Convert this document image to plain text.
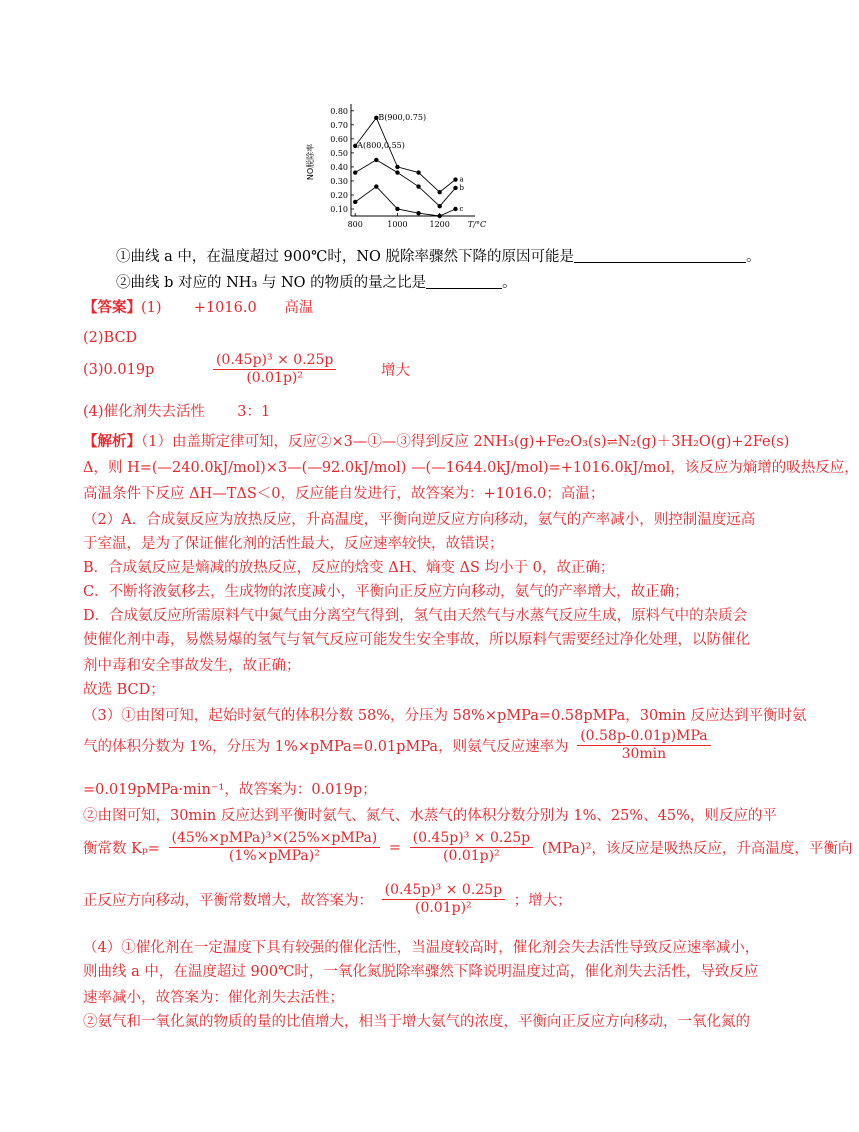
0.80
0.70
0.60
0.50
0.40
0.30
0.20
0.10
800	1000	1200 T/°C
NO脱除率	a
b
c
B(900,0.75)
A(800,0.55)
①曲线 a 中，在温度超过 900℃时，NO 脱除率骤然下降的原因可能是	。
②曲线 b 对应的 NH₃ 与 NO 的物质的量之比是	。
【答案】(1)       +1016.0      高温
(2)BCD
(3)0.019p	$\frac{\text{(0.45p)³ × 0.25p}}{\text{(0.01p)²}}$	增大
(4)催化剂失去活性       3：1
【解析】（1）由盖斯定律可知，反应②×3—①—③得到反应 2NH₃(g)+Fe₂O₃(s)⇌N₂(g)＋3H₂O(g)+2Fe(s)
Δ，则 H=(—240.0kJ/mol)×3—(—92.0kJ/mol) —(—1644.0kJ/mol)=+1016.0kJ/mol，该反应为熵增的吸热反应，
高温条件下反应 ΔH—TΔS＜0，反应能自发进行，故答案为：+1016.0；高温；
（2）A．合成氨反应为放热反应，升高温度，平衡向逆反应方向移动，氨气的产率减小，则控制温度远高
于室温，是为了保证催化剂的活性最大，反应速率较快，故错误；
B．合成氨反应是熵减的放热反应，反应的焓变 ΔH、熵变 ΔS 均小于 0，故正确；
C．不断将液氨移去，生成物的浓度减小，平衡向正反应方向移动，氨气的产率增大，故正确；
D．合成氨反应所需原料气中氮气由分离空气得到，氢气由天然气与水蒸气反应生成，原料气中的杂质会
使催化剂中毒，易燃易爆的氢气与氧气反应可能发生安全事故，所以原料气需要经过净化处理，以防催化
剂中毒和安全事故发生，故正确；
故选 BCD；
（3）①由图可知，起始时氨气的体积分数 58%，分压为 58%×pMPa=0.58pMPa，30min 反应达到平衡时氨
气的体积分数为 1%，分压为 1%×pMPa=0.01pMPa，则氨气反应速率为 $\frac{\text{(0.58p-0.01p)MPa}}{30\min}$
=0.019pMPa·min⁻¹，故答案为：0.019p；
②由图可知，30min 反应达到平衡时氨气、氮气、水蒸气的体积分数分别为 1%、25%、45%，则反应的平
衡常数 $K_p= \frac{\text{(45\%×pMPa)³×(25\%×pMPa)}}{\text{(1\%×pMPa)²}} = \frac{\text{(0.45p)³ × 0.25p}}{\text{(0.01p)²}} (MPa)^2$，该反应是吸热反应，升高温度，平衡向
正反应方向移动，平衡常数增大，故答案为： $\frac{\text{(0.45p)³ × 0.25p}}{\text{(0.01p)²}}$ ；增大；
（4）①催化剂在一定温度下具有较强的催化活性，当温度较高时，催化剂会失去活性导致反应速率减小，
则曲线 a 中，在温度超过 900℃时，一氧化氮脱除率骤然下降说明温度过高，催化剂失去活性，导致反应
速率减小，故答案为：催化剂失去活性；
②氨气和一氧化氮的物质的量的比值增大，相当于增大氨气的浓度，平衡向正反应方向移动，一氧化氮的
